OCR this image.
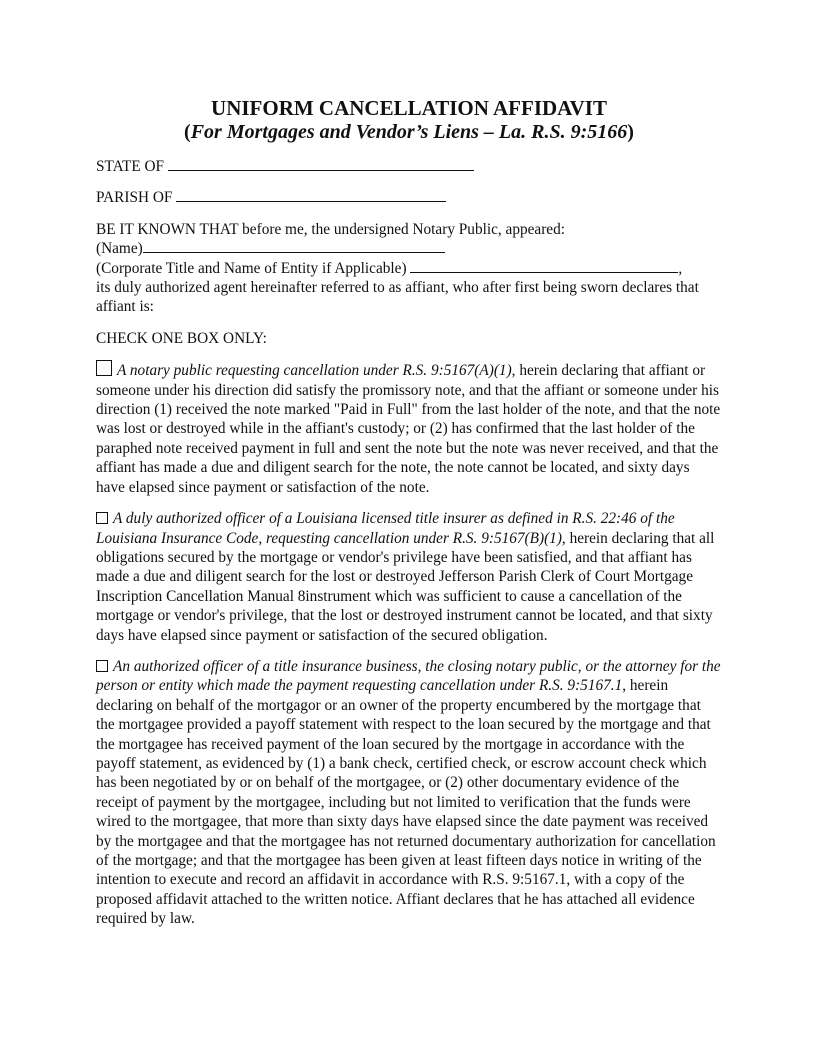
UNIFORM CANCELLATION AFFIDAVIT
(For Mortgages and Vendor’s Liens – La. R.S. 9:5166)

STATE OF

PARISH OF

BE IT KNOWN THAT before me, the undersigned Notary Public, appeared:

(Name)

(Corporate Title and Name of Entity if Applicable)	,

its duly authorized agent hereinafter referred to as affiant, who after first being sworn declares that affiant is:

CHECK ONE BOX ONLY:

A notary public requesting cancellation under R.S. 9:5167(A)(1), herein declaring that affiant or someone under his direction did satisfy the promissory note, and that the affiant or someone under his direction (1) received the note marked "Paid in Full" from the last holder of the note, and that the note was lost or destroyed while in the affiant's custody; or (2) has confirmed that the last holder of the paraphed note received payment in full and sent the note but the note was never received, and that the affiant has made a due and diligent search for the note, the note cannot be located, and sixty days have elapsed since payment or satisfaction of the note.

A duly authorized officer of a Louisiana licensed title insurer as defined in R.S. 22:46 of the Louisiana Insurance Code, requesting cancellation under R.S. 9:5167(B)(1), herein declaring that all obligations secured by the mortgage or vendor's privilege have been satisfied, and that affiant has made a due and diligent search for the lost or destroyed Jefferson Parish Clerk of Court Mortgage Inscription Cancellation Manual 8instrument which was sufficient to cause a cancellation of the mortgage or vendor's privilege, that the lost or destroyed instrument cannot be located, and that sixty days have elapsed since payment or satisfaction of the secured obligation.

An authorized officer of a title insurance business, the closing notary public, or the attorney for the person or entity which made the payment requesting cancellation under R.S. 9:5167.1, herein declaring on behalf of the mortgagor or an owner of the property encumbered by the mortgage that the mortgagee provided a payoff statement with respect to the loan secured by the mortgage and that the mortgagee has received payment of the loan secured by the mortgage in accordance with the payoff statement, as evidenced by (1) a bank check, certified check, or escrow account check which has been negotiated by or on behalf of the mortgagee, or (2) other documentary evidence of the receipt of payment by the mortgagee, including but not limited to verification that the funds were wired to the mortgagee, that more than sixty days have elapsed since the date payment was received by the mortgagee and that the mortgagee has not returned documentary authorization for cancellation of the mortgage; and that the mortgagee has been given at least fifteen days notice in writing of the intention to execute and record an affidavit in accordance with R.S. 9:5167.1, with a copy of the proposed affidavit attached to the written notice. Affiant declares that he has attached all evidence required by law.
